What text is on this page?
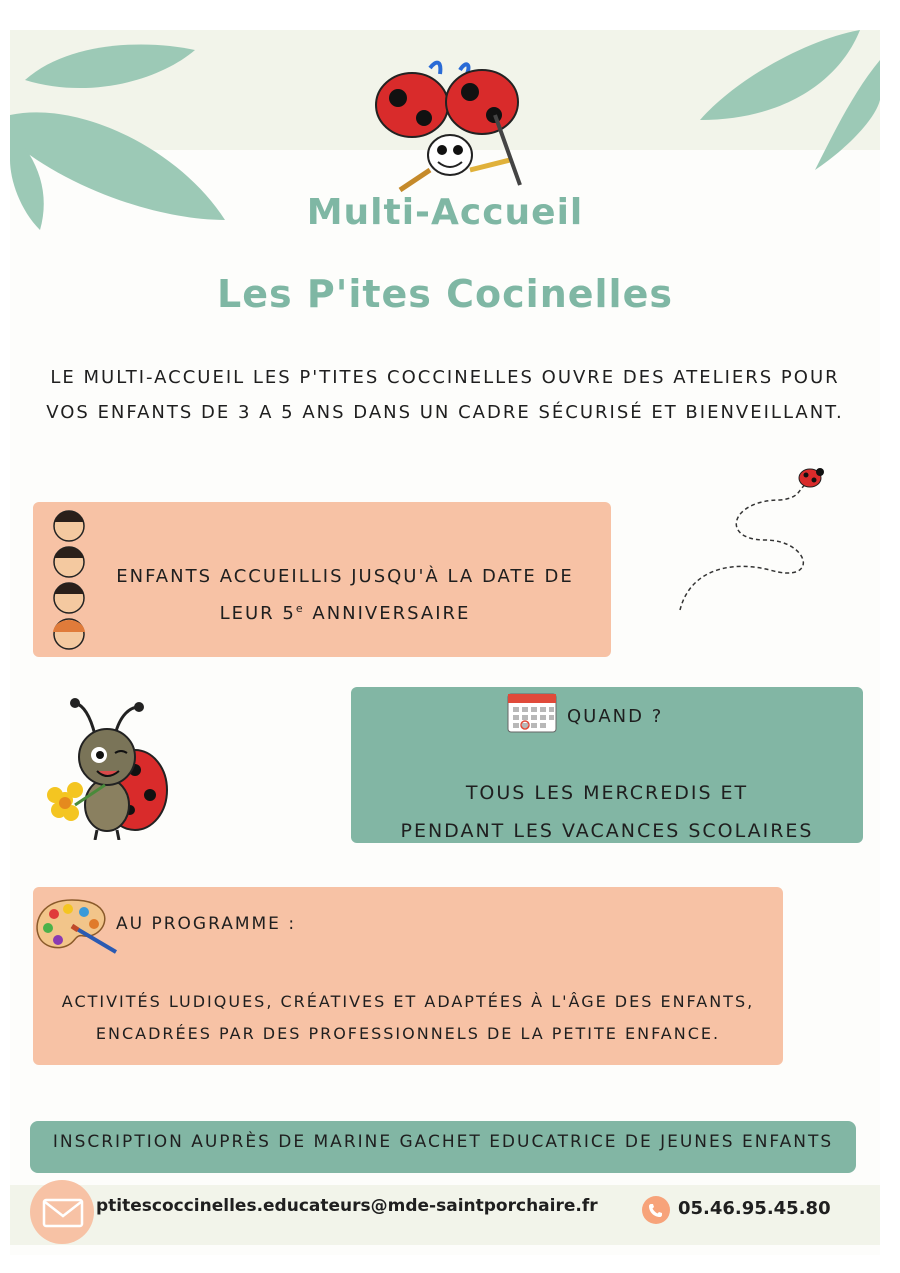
Multi-Accueil
Les P'ites Cocinelles
LE MULTI-ACCUEIL LES P'TITES COCCINELLES OUVRE DES ATELIERS POUR VOS ENFANTS DE 3 A 5 ANS DANS UN CADRE SÉCURISÉ ET BIENVEILLANT.
ENFANTS ACCUEILLIS JUSQU'À LA DATE DE
LEUR 5e ANNIVERSAIRE
QUAND ?
TOUS LES MERCREDIS ET
PENDANT LES VACANCES SCOLAIRES
AU PROGRAMME :
ACTIVITÉS LUDIQUES, CRÉATIVES ET ADAPTÉES À L'ÂGE DES ENFANTS,
ENCADRÉES PAR DES PROFESSIONNELS DE LA PETITE ENFANCE.
INSCRIPTION AUPRÈS DE MARINE GACHET EDUCATRICE DE JEUNES ENFANTS
ptitescoccinelles.educateurs@mde-saintporchaire.fr	05.46.95.45.80
